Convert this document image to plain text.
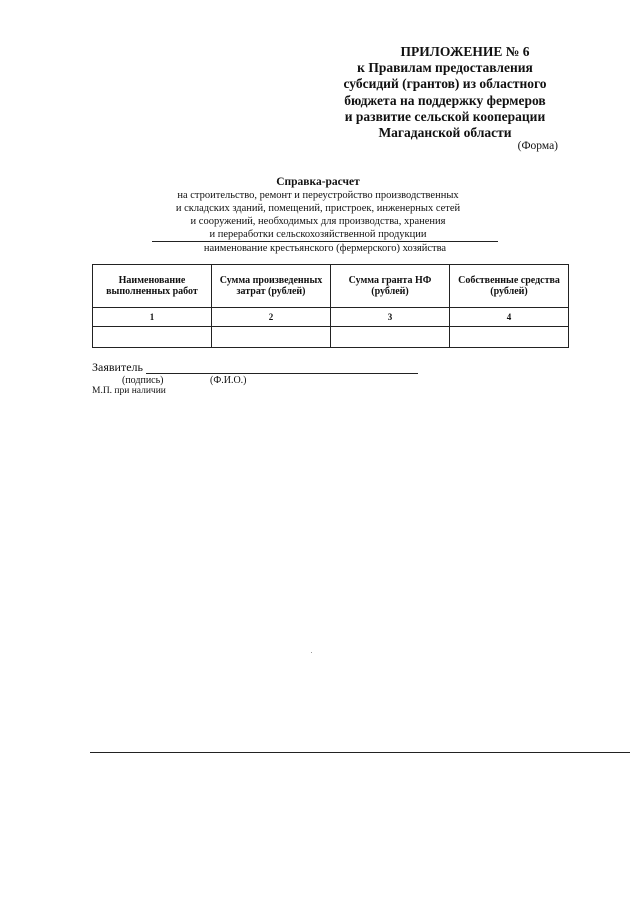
ПРИЛОЖЕНИЕ № 6
к Правилам предоставления
субсидий (грантов) из областного
бюджета на поддержку фермеров
и развитие сельской кооперации
Магаданской области
(Форма)
Справка-расчет
на строительство, ремонт и переустройство производственных
и складских зданий, помещений, пристроек, инженерных сетей
и сооружений, необходимых для производства, хранения
и переработки сельскохозяйственной продукции
наименование крестьянского (фермерского) хозяйства
Наименование выполненных работ	Сумма произведенных затрат (рублей)	Сумма гранта НФ (рублей)	Собственные средства (рублей)
1	2	3	4

Заявитель
(подпись)	(Ф.И.О.)
М.П. при наличии
